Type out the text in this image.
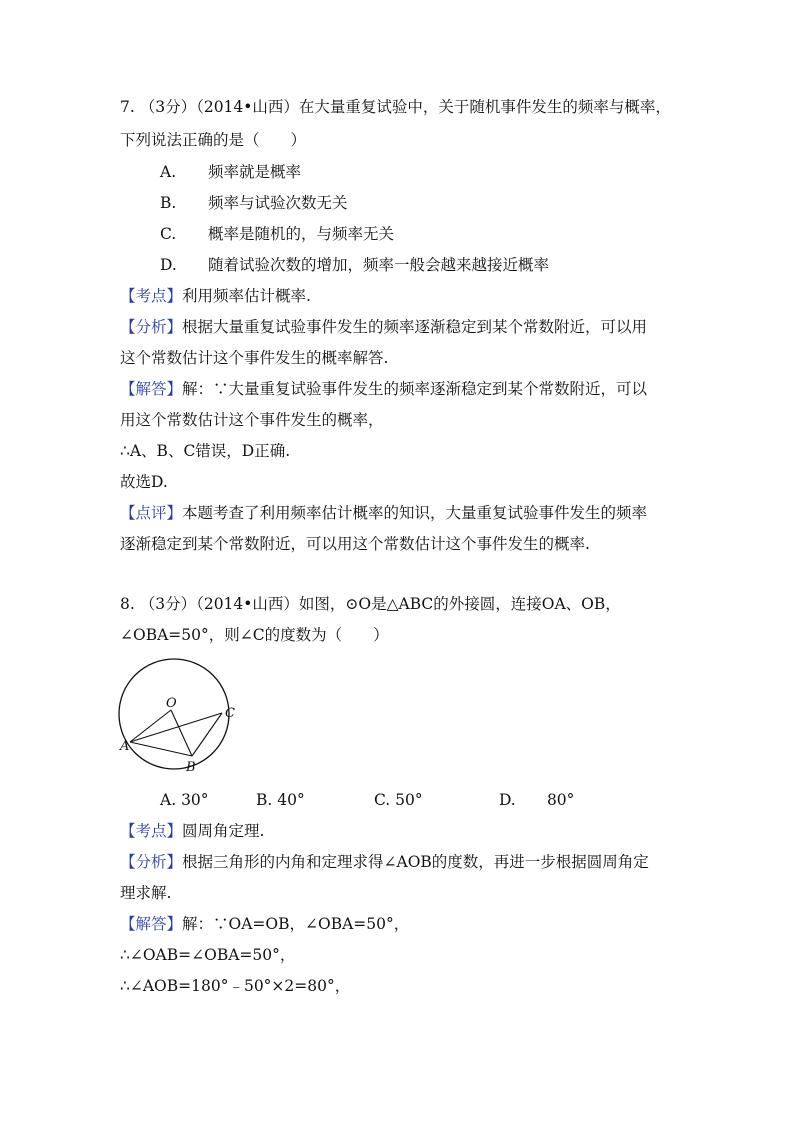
7. （3分）（2014•山西）在大量重复试验中，关于随机事件发生的频率与概率，
下列说法正确的是（　　）
A. 频率就是概率
B. 频率与试验次数无关
C. 概率是随机的，与频率无关
D. 随着试验次数的增加，频率一般会越来越接近概率
【考点】利用频率估计概率.
【分析】根据大量重复试验事件发生的频率逐渐稳定到某个常数附近，可以用
这个常数估计这个事件发生的概率解答.
【解答】解：∵大量重复试验事件发生的频率逐渐稳定到某个常数附近，可以
用这个常数估计这个事件发生的概率，
∴A、B、C错误，D正确.
故选D.
【点评】本题考查了利用频率估计概率的知识，大量重复试验事件发生的频率
逐渐稳定到某个常数附近，可以用这个常数估计这个事件发生的概率.
8. （3分）（2014•山西）如图，⊙O是△ABC的外接圆，连接OA、OB，
∠OBA=50°，则∠C的度数为（　　）
O
A
B
C
A. 30°	B. 40°	C. 50°	D. 80°
【考点】圆周角定理.
【分析】根据三角形的内角和定理求得∠AOB的度数，再进一步根据圆周角定
理求解.
【解答】解：∵OA=OB，∠OBA=50°，
∴∠OAB=∠OBA=50°，
∴∠AOB=180°﹣50°×2=80°，
